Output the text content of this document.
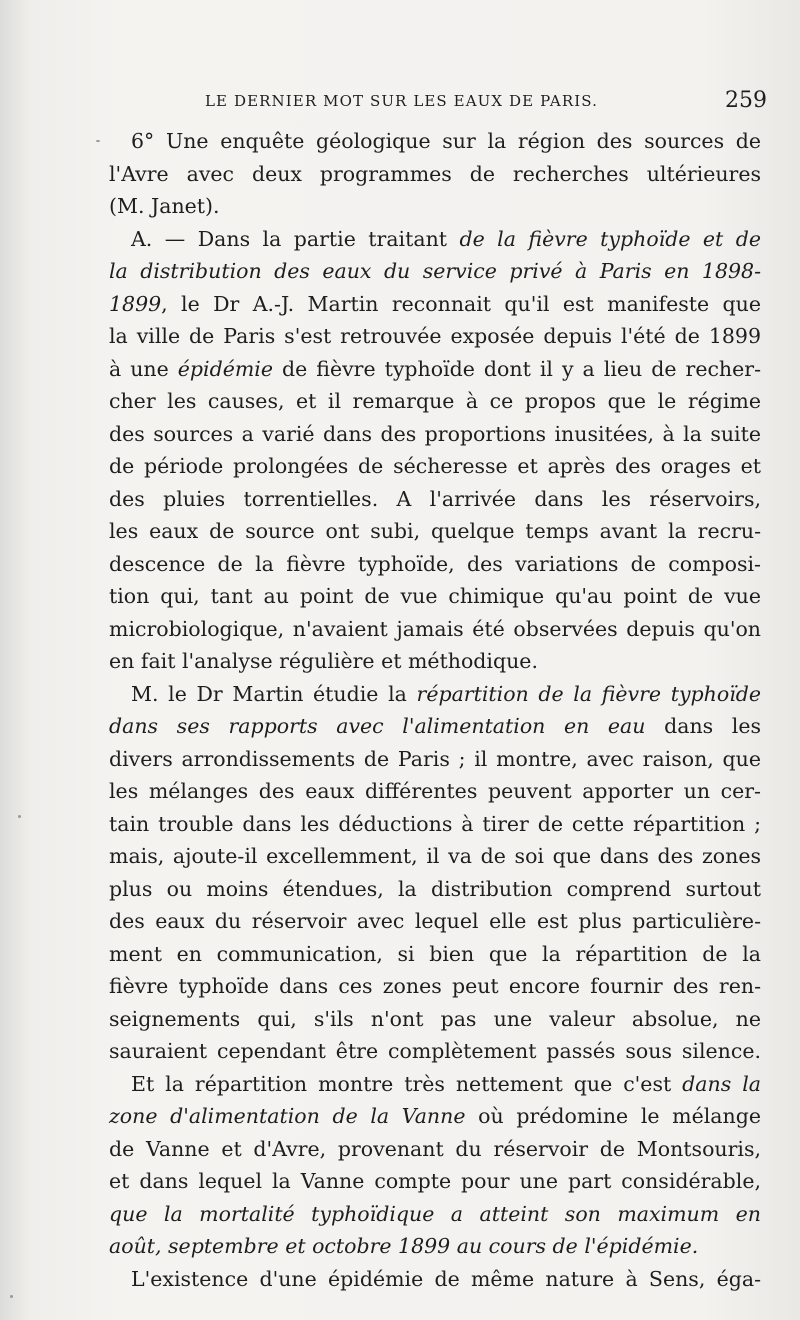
LE DERNIER MOT SUR LES EAUX DE PARIS.	259
6° Une enquête géologique sur la région des sources de
l'Avre avec deux programmes de recherches ultérieures
(M. Janet).
A. — Dans la partie traitant de la fièvre typhoïde et de
la distribution des eaux du service privé à Paris en 1898-
1899, le Dr A.-J. Martin reconnait qu'il est manifeste que
la ville de Paris s'est retrouvée exposée depuis l'été de 1899
à une épidémie de fièvre typhoïde dont il y a lieu de recher-
cher les causes, et il remarque à ce propos que le régime
des sources a varié dans des proportions inusitées, à la suite
de période prolongées de sécheresse et après des orages et
des pluies torrentielles. A l'arrivée dans les réservoirs,
les eaux de source ont subi, quelque temps avant la recru-
descence de la fièvre typhoïde, des variations de composi-
tion qui, tant au point de vue chimique qu'au point de vue
microbiologique, n'avaient jamais été observées depuis qu'on
en fait l'analyse régulière et méthodique.
M. le Dr Martin étudie la répartition de la fièvre typhoïde
dans ses rapports avec l'alimentation en eau dans les
divers arrondissements de Paris ; il montre, avec raison, que
les mélanges des eaux différentes peuvent apporter un cer-
tain trouble dans les déductions à tirer de cette répartition ;
mais, ajoute-il excellemment, il va de soi que dans des zones
plus ou moins étendues, la distribution comprend surtout
des eaux du réservoir avec lequel elle est plus particulière-
ment en communication, si bien que la répartition de la
fièvre typhoïde dans ces zones peut encore fournir des ren-
seignements qui, s'ils n'ont pas une valeur absolue, ne
sauraient cependant être complètement passés sous silence.
Et la répartition montre très nettement que c'est dans la
zone d'alimentation de la Vanne où prédomine le mélange
de Vanne et d'Avre, provenant du réservoir de Montsouris,
et dans lequel la Vanne compte pour une part considérable,
que la mortalité typhoïdique a atteint son maximum en
août, septembre et octobre 1899 au cours de l'épidémie.
L'existence d'une épidémie de même nature à Sens, éga-
